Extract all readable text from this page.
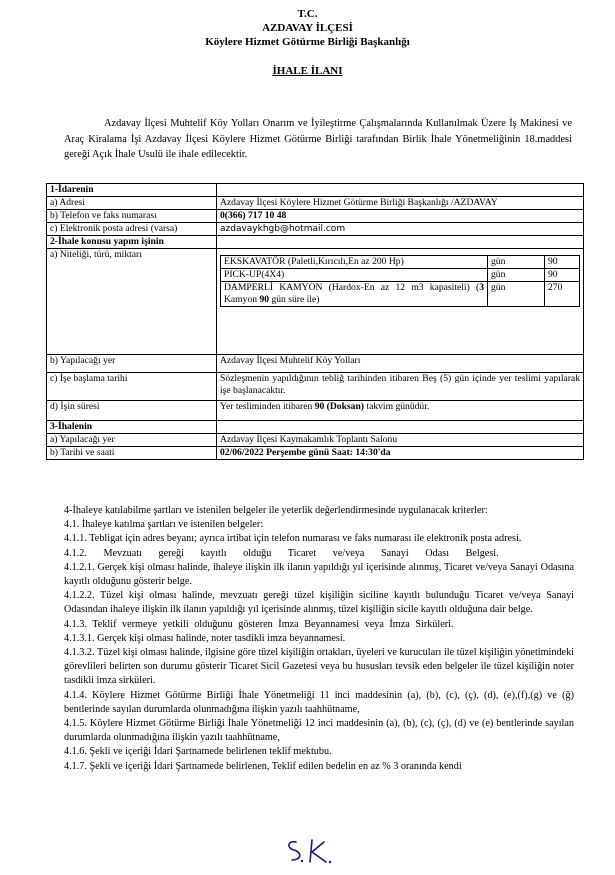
T.C.
AZDAVAY İLÇESİ
Köylere Hizmet Götürme Birliği Başkanlığı
İHALE İLANI
Azdavay İlçesi Muhtelif Köy Yolları Onarım ve İyileştirme Çalışmalarında Kullanılmak Üzere İş Makinesi ve Araç Kiralama İşi Azdavay İlçesi Köylere Hizmet Götürme Birliği tarafından Birlik İhale Yönetmeliğinin 18.maddesi gereği Açık İhale Usulü ile ihale edilecektir.
1-İdarenin	
a) Adresi	Azdavay İlçesi Köylere Hizmet Götürme Birliği Başkanlığı /AZDAVAY
b) Telefon ve faks numarası	0(366) 717 10 48
c) Elektronik posta adresi (varsa)	azdavaykhgb@hotmail.com
2-İhale konusu yapım işinin	
a) Niteliği, türü, miktarı	
EKSKAVATÖR (Paletli,Kırıcılı,En az 200 Hp)	gün	90
PICK-UP(4X4)	gün	90
DAMPERLİ KAMYON (Hardox-En az 12 m3 kapasiteli) (3 Kamyon 90 gün süre ile)	gün	270

b) Yapılacağı yer	Azdavay İlçesi Muhtelif Köy Yolları
c) İşe başlama tarihi	Sözleşmenin yapıldığının tebliğ tarihinden itibaren Beş (5) gün içinde yer teslimi yapılarak işe başlanacaktır.
d) İşin süresi	Yer tesliminden itibaren 90 (Doksan) takvim günüdür.
3-İhalenin	
a) Yapılacağı yer	Azdavay İlçesi Kaymakamlık Toplantı Salonu
b) Tarihi ve saati	02/06/2022 Perşembe günü Saat: 14:30'da

4-İhaleye katılabilme şartları ve istenilen belgeler ile yeterlik değerlendirmesinde uygulanacak kriterler:

4.1. İhaleye katılma şartları ve istenilen belgeler:

4.1.1. Tebligat için adres beyanı; ayrıca irtibat için telefon numarası ve faks numarası ile elektronik posta adresi.

4.1.2. Mevzuatı gereği kayıtlı olduğu Ticaret ve/veya Sanayi Odası Belgesi.

4.1.2.1. Gerçek kişi olması halinde, ihaleye ilişkin ilk ilanın yapıldığı yıl içerisinde alınmış, Ticaret ve/veya Sanayi Odasına kayıtlı olduğunu gösterir belge.

4.1.2.2. Tüzel kişi olması halinde, mevzuatı gereği tüzel kişiliğin siciline kayıtlı bulunduğu Ticaret ve/veya Sanayi Odasından ihaleye ilişkin ilk ilanın yapıldığı yıl içerisinde alınmış, tüzel kişiliğin sicile kayıtlı olduğuna dair belge.

4.1.3. Teklif vermeye yetkili olduğunu gösteren İmza Beyannamesi veya İmza Sirküleri.

4.1.3.1. Gerçek kişi olması halinde, noter tasdikli imza beyannamesi.

4.1.3.2. Tüzel kişi olması halinde, ilgisine göre tüzel kişiliğin ortakları, üyeleri ve kurucuları ile tüzel kişiliğin yönetimindeki görevlileri belirten son durumu gösterir Ticaret Sicil Gazetesi veya bu hususları tevsik eden belgeler ile tüzel kişiliğin noter tasdikli imza sirküleri.

4.1.4. Köylere Hizmet Götürme Birliği İhale Yönetmeliği 11 inci maddesinin (a), (b), (c), (ç), (d), (e),(f),(g) ve (ğ) bentlerinde sayılan durumlarda olunmadığına ilişkin yazılı taahhütname,

4.1.5. Köylere Hizmet Götürme Birliği İhale Yönetmeliği 12 inci maddesinin (a), (b), (c), (ç), (d) ve (e) bentlerinde sayılan durumlarda olunmadığına ilişkin yazılı taahhütname,

4.1.6. Şekli ve içeriği İdari Şartnamede belirlenen teklif mektubu.

4.1.7. Şekli ve içeriği İdari Şartnamede belirlenen, Teklif edilen bedelin en az % 3 oranında kendi
